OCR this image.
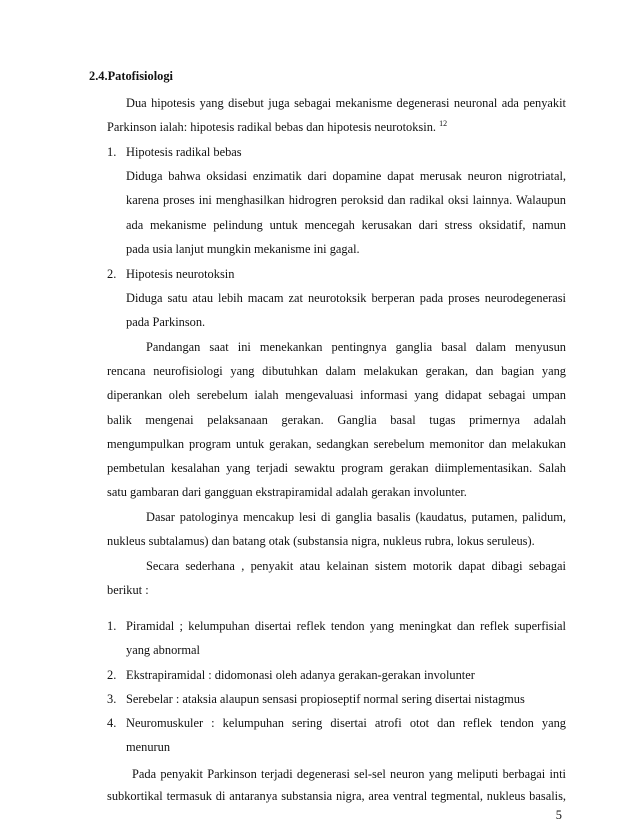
2.4.Patofisiologi
Dua hipotesis yang disebut juga sebagai mekanisme degenerasi neuronal ada penyakit
Parkinson ialah: hipotesis radikal bebas dan hipotesis neurotoksin. $^{12}$
1. Hipotesis radikal bebas
Diduga bahwa oksidasi enzimatik dari dopamine dapat merusak neuron nigrotriatal,
karena proses ini menghasilkan hidrogren peroksid dan radikal oksi lainnya. Walaupun
ada mekanisme pelindung untuk mencegah kerusakan dari stress oksidatif, namun
pada usia lanjut mungkin mekanisme ini gagal.
2. Hipotesis neurotoksin
Diduga satu atau lebih macam zat neurotoksik berperan pada proses neurodegenerasi
pada Parkinson.
Pandangan saat ini menekankan pentingnya ganglia basal dalam menyusun
rencana neurofisiologi yang dibutuhkan dalam melakukan gerakan, dan bagian yang
diperankan oleh serebelum ialah mengevaluasi informasi yang didapat sebagai umpan
balik mengenai pelaksanaan gerakan. Ganglia basal tugas primernya adalah
mengumpulkan program untuk gerakan, sedangkan serebelum memonitor dan melakukan
pembetulan kesalahan yang terjadi sewaktu program gerakan diimplementasikan. Salah
satu gambaran dari gangguan ekstrapiramidal adalah gerakan involunter.
Dasar patologinya mencakup lesi di ganglia basalis (kaudatus, putamen, palidum,
nukleus subtalamus) dan batang otak (substansia nigra, nukleus rubra, lokus seruleus).
Secara sederhana , penyakit atau kelainan sistem motorik dapat dibagi sebagai
berikut :
1. Piramidal ; kelumpuhan disertai reflek tendon yang meningkat dan reflek superfisial
yang abnormal
2. Ekstrapiramidal : didomonasi oleh adanya gerakan-gerakan involunter
3. Serebelar : ataksia alaupun sensasi propioseptif normal sering disertai nistagmus
4. Neuromuskuler : kelumpuhan sering disertai atrofi otot dan reflek tendon yang
menurun
Pada penyakit Parkinson terjadi degenerasi sel-sel neuron yang meliputi berbagai inti
subkortikal termasuk di antaranya substansia nigra, area ventral tegmental, nukleus basalis,
5
